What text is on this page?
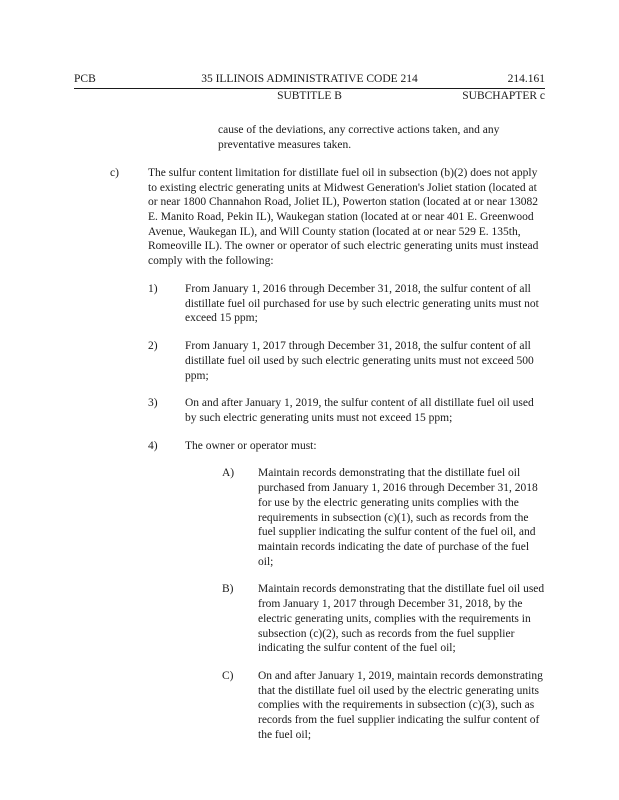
PCB	35 ILLINOIS ADMINISTRATIVE CODE 214	214.161
SUBTITLE B	SUBCHAPTER c
cause of the deviations, any corrective actions taken, and any preventative measures taken.
c)	The sulfur content limitation for distillate fuel oil in subsection (b)(2) does not apply to existing electric generating units at Midwest Generation's Joliet station (located at or near 1800 Channahon Road, Joliet IL), Powerton station (located at or near 13082 E. Manito Road, Pekin IL), Waukegan station (located at or near 401 E. Greenwood Avenue, Waukegan IL), and Will County station (located at or near 529 E. 135th, Romeoville IL). The owner or operator of such electric generating units must instead comply with the following:
1)	From January 1, 2016 through December 31, 2018, the sulfur content of all distillate fuel oil purchased for use by such electric generating units must not exceed 15 ppm;
2)	From January 1, 2017 through December 31, 2018, the sulfur content of all distillate fuel oil used by such electric generating units must not exceed 500 ppm;
3)	On and after January 1, 2019, the sulfur content of all distillate fuel oil used by such electric generating units must not exceed 15 ppm;
4)	The owner or operator must:
A)	Maintain records demonstrating that the distillate fuel oil purchased from January 1, 2016 through December 31, 2018 for use by the electric generating units complies with the requirements in subsection (c)(1), such as records from the fuel supplier indicating the sulfur content of the fuel oil, and maintain records indicating the date of purchase of the fuel oil;
B)	Maintain records demonstrating that the distillate fuel oil used from January 1, 2017 through December 31, 2018, by the electric generating units, complies with the requirements in subsection (c)(2), such as records from the fuel supplier indicating the sulfur content of the fuel oil;
C)	On and after January 1, 2019, maintain records demonstrating that the distillate fuel oil used by the electric generating units complies with the requirements in subsection (c)(3), such as records from the fuel supplier indicating the sulfur content of the fuel oil;
